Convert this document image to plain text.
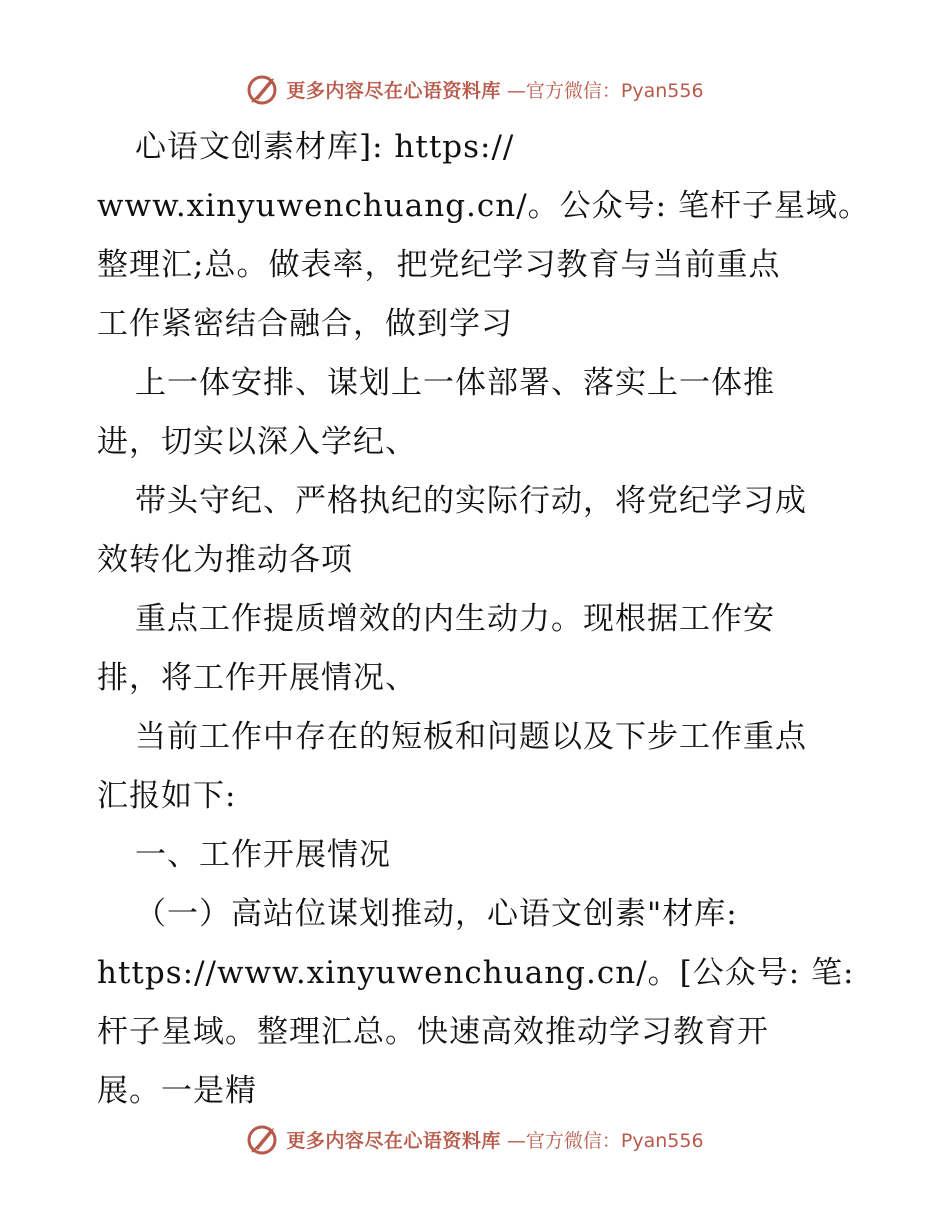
更多内容尽在心语资料库 —官方微信：Pyan556
心语文创素材库]: https://
www.xinyuwenchuang.cn/。公众号: 笔杆子星域。
整理汇;总。做表率，把党纪学习教育与当前重点
工作紧密结合融合，做到学习
上一体安排、谋划上一体部署、落实上一体推
进，切实以深入学纪、
带头守纪、严格执纪的实际行动，将党纪学习成
效转化为推动各项
重点工作提质增效的内生动力。现根据工作安
排，将工作开展情况、
当前工作中存在的短板和问题以及下步工作重点
汇报如下:
一、工作开展情况
（一）高站位谋划推动，心语文创素"材库:
https://www.xinyuwenchuang.cn/。[公众号: 笔:
杆子星域。整理汇总。快速高效推动学习教育开
展。一是精
更多内容尽在心语资料库 —官方微信：Pyan556
